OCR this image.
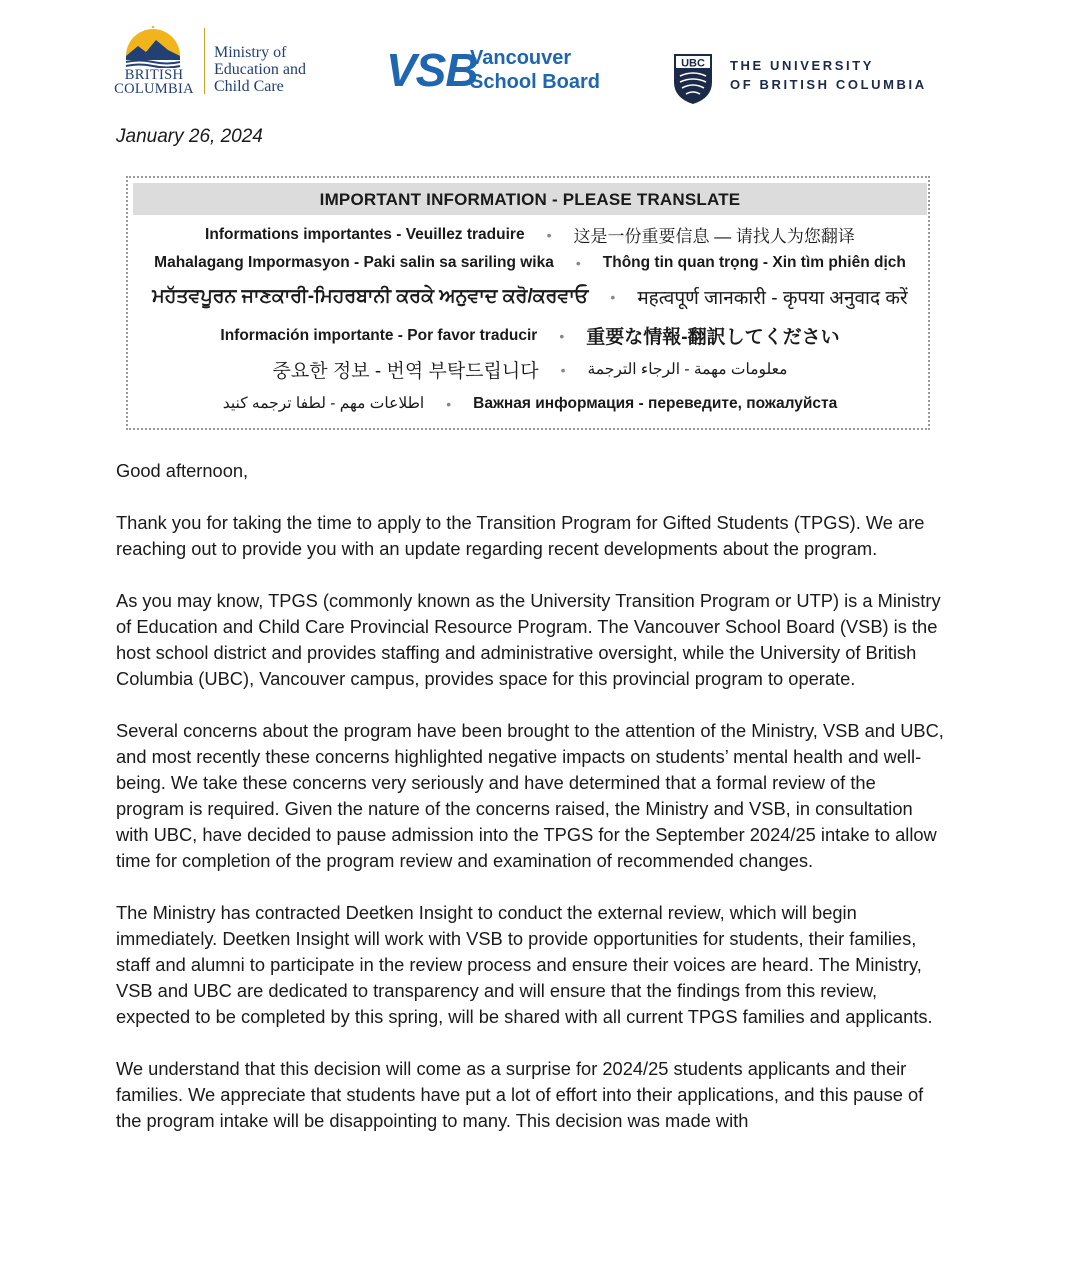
BRITISH
COLUMBIA
Ministry of
Education and
Child Care	VSB
Vancouver
School Board
UBC THE UNIVERSITY
OF BRITISH COLUMBIA
January 26, 2024
IMPORTANT INFORMATION - PLEASE TRANSLATE
Informations importantes - Veuillez traduire • 这是一份重要信息 — 请找人为您翻译
Mahalagang Impormasyon - Paki salin sa sariling wika • Thông tin quan trọng - Xin tìm phiên dịch
ਮਹੱਤਵਪੂਰਨ ਜਾਣਕਾਰੀ-ਮਿਹਰਬਾਨੀ ਕਰਕੇ ਅਨੁਵਾਦ ਕਰੋ/ਕਰਵਾਓ • महत्वपूर्ण जानकारी - कृपया अनुवाद करें
Información importante - Por favor traducir • 重要な情報-翻訳してください
중요한 정보 - 번역 부탁드립니다 • معلومات مهمة - الرجاء الترجمة
اطلاعات مهم - لطفا ترجمه کنید • Важная информация - переведите, пожалуйста

Good afternoon,

Thank you for taking the time to apply to the Transition Program for Gifted Students (TPGS). We are reaching out to provide you with an update regarding recent developments about the program.

As you may know, TPGS (commonly known as the University Transition Program or UTP) is a Ministry of Education and Child Care Provincial Resource Program. The Vancouver School Board (VSB) is the host school district and provides staffing and administrative oversight, while the University of British Columbia (UBC), Vancouver campus, provides space for this provincial program to operate.

Several concerns about the program have been brought to the attention of the Ministry, VSB and UBC, and most recently these concerns highlighted negative impacts on students’ mental health and well-being. We take these concerns very seriously and have determined that a formal review of the program is required. Given the nature of the concerns raised, the Ministry and VSB, in consultation with UBC, have decided to pause admission into the TPGS for the September 2024/25 intake to allow time for completion of the program review and examination of recommended changes.

The Ministry has contracted Deetken Insight to conduct the external review, which will begin immediately. Deetken Insight will work with VSB to provide opportunities for students, their families, staff and alumni to participate in the review process and ensure their voices are heard. The Ministry, VSB and UBC are dedicated to transparency and will ensure that the findings from this review, expected to be completed by this spring, will be shared with all current TPGS families and applicants.

We understand that this decision will come as a surprise for 2024/25 students applicants and their families. We appreciate that students have put a lot of effort into their applications, and this pause of the program intake will be disappointing to many. This decision was made with
